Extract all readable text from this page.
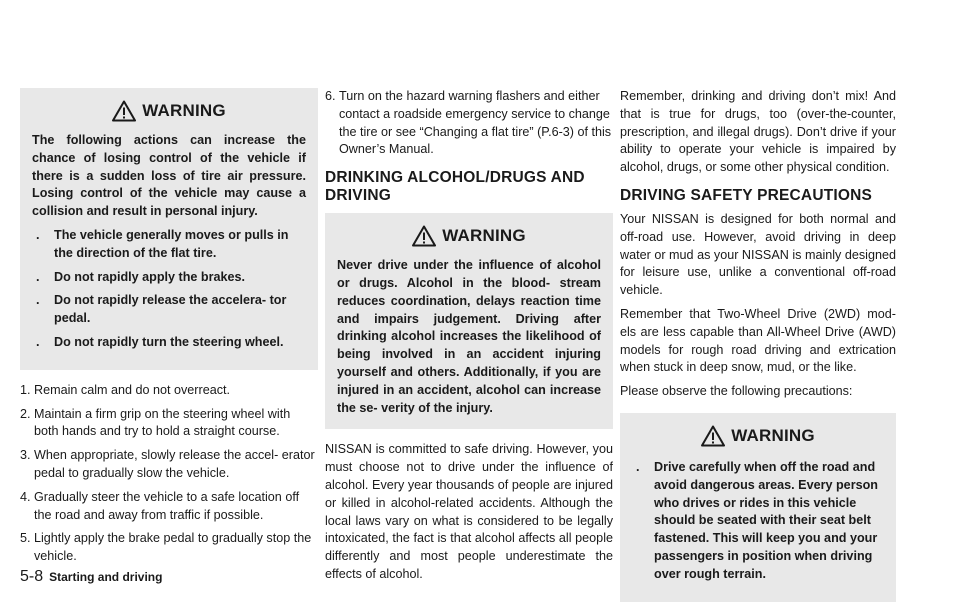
WARNING

The following actions can increase the chance of losing control of the vehicle if there is a sudden loss of tire air pressure. Losing control of the vehicle may cause a collision and result in personal injury.

. The vehicle generally moves or pulls in the direction of the flat tire.
. Do not rapidly apply the brakes.
. Do not rapidly release the accelera- tor pedal.
. Do not rapidly turn the steering wheel.
1. Remain calm and do not overreact.
2. Maintain a firm grip on the steering wheel with both hands and try to hold a straight course.
3. When appropriate, slowly release the accel- erator pedal to gradually slow the vehicle.
4. Gradually steer the vehicle to a safe location off the road and away from traffic if possible.
5. Lightly apply the brake pedal to gradually stop the vehicle.
6. Turn on the hazard warning flashers and either contact a roadside emergency service to change the tire or see “Changing a flat tire” (P.6-3) of this Owner’s Manual.
DRINKING ALCOHOL/DRUGS AND DRIVING
WARNING

Never drive under the influence of alcohol or drugs. Alcohol in the blood- stream reduces coordination, delays reaction time and impairs judgement. Driving after drinking alcohol increases the likelihood of being involved in an accident injuring yourself and others. Additionally, if you are injured in an accident, alcohol can increase the se- verity of the injury.

NISSAN is committed to safe driving. However, you must choose not to drive under the influence of alcohol. Every year thousands of people are injured or killed in alcohol-related accidents. Although the local laws vary on what is considered to be legally intoxicated, the fact is that alcohol affects all people differently and most people underestimate the effects of alcohol.

Remember, drinking and driving don’t mix! And that is true for drugs, too (over-the-counter, prescription, and illegal drugs). Don’t drive if your ability to operate your vehicle is impaired by alcohol, drugs, or some other physical condition.

DRIVING SAFETY PRECAUTIONS

Your NISSAN is designed for both normal and off-road use. However, avoid driving in deep water or mud as your NISSAN is mainly designed for leisure use, unlike a conventional off-road vehicle.

Remember that Two-Wheel Drive (2WD) mod- els are less capable than All-Wheel Drive (AWD) models for rough road driving and extrication when stuck in deep snow, mud, or the like.

Please observe the following precautions:

WARNING
. Drive carefully when off the road and avoid dangerous areas. Every person who drives or rides in this vehicle should be seated with their seat belt fastened. This will keep you and your passengers in position when driving over rough terrain.
5-8 Starting and driving
